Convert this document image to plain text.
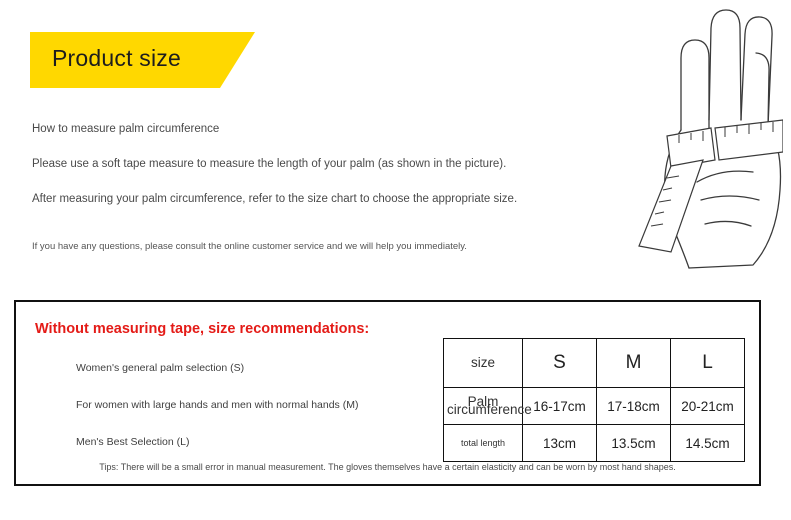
Product size

How to measure palm circumference

Please use a soft tape measure to measure the length of your palm (as shown in the picture).

After measuring your palm circumference, refer to the size chart to choose the appropriate size.

If you have any questions, please consult the online customer service and we will help you immediately.

Without measuring tape, size recommendations:
Women's general palm selection (S)
For women with large hands and men with normal hands (M)
Men's Best Selection (L)
size	S	M	L
Palm circumference	16-17cm	17-18cm	20-21cm
total length	13cm	13.5cm	14.5cm
Tips: There will be a small error in manual measurement. The gloves themselves have a certain elasticity and can be worn by most hand shapes.
